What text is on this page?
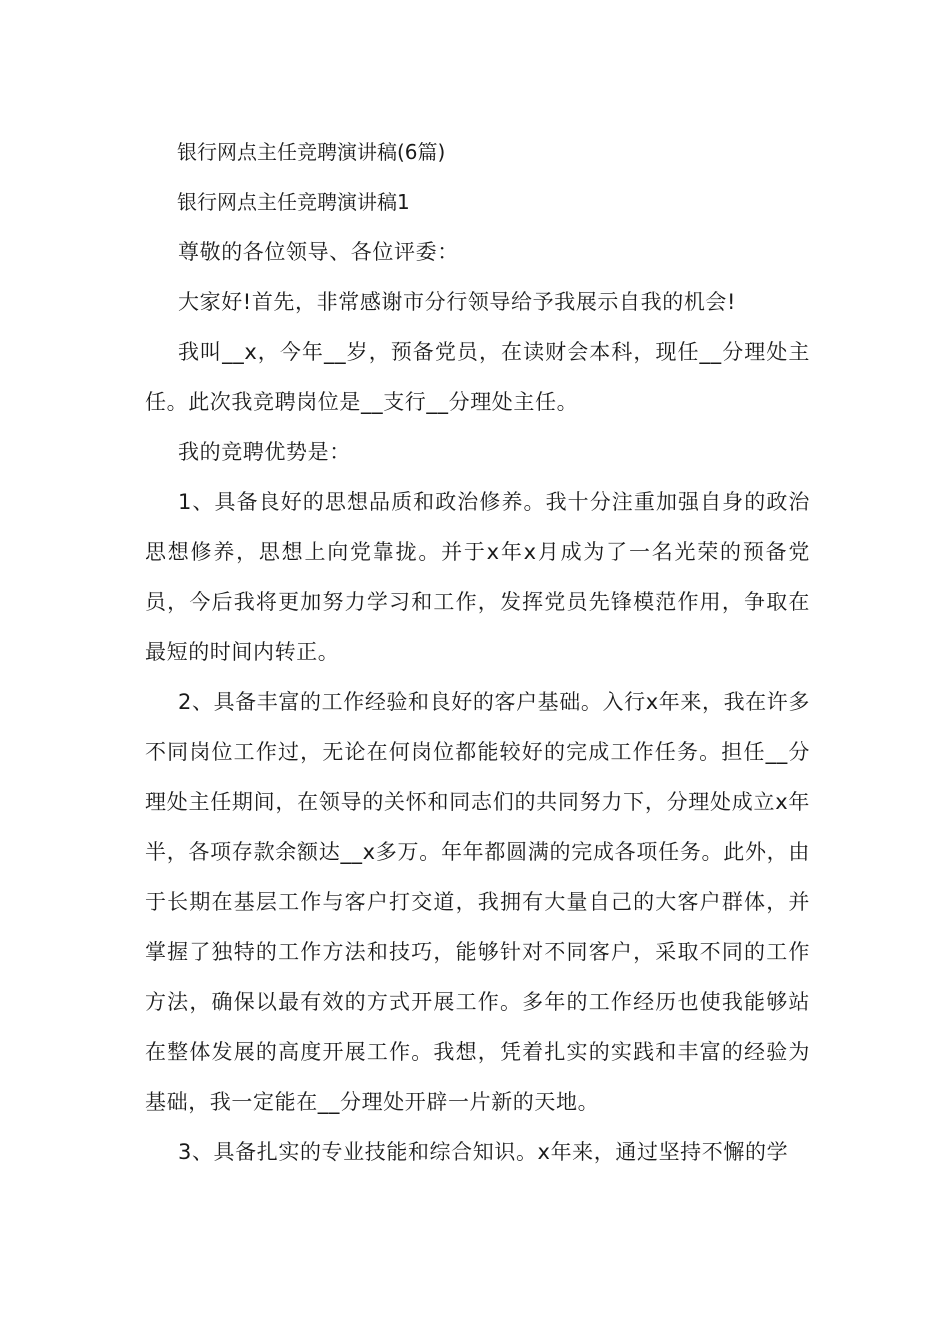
银行网点主任竞聘演讲稿(6篇)

银行网点主任竞聘演讲稿1

尊敬的各位领导、各位评委：

大家好!首先，非常感谢市分行领导给予我展示自我的机会!

我叫__x，今年__岁，预备党员，在读财会本科，现任__分理处主任。此次我竞聘岗位是__支行__分理处主任。

我的竞聘优势是：

1、具备良好的思想品质和政治修养。我十分注重加强自身的政治思想修养，思想上向党靠拢。并于x年x月成为了一名光荣的预备党员，今后我将更加努力学习和工作，发挥党员先锋模范作用，争取在最短的时间内转正。

2、具备丰富的工作经验和良好的客户基础。入行x年来，我在许多不同岗位工作过，无论在何岗位都能较好的完成工作任务。担任__分理处主任期间，在领导的关怀和同志们的共同努力下，分理处成立x年半，各项存款余额达__x多万。年年都圆满的完成各项任务。此外，由于长期在基层工作与客户打交道，我拥有大量自己的大客户群体，并掌握了独特的工作方法和技巧，能够针对不同客户，采取不同的工作方法，确保以最有效的方式开展工作。多年的工作经历也使我能够站在整体发展的高度开展工作。我想，凭着扎实的实践和丰富的经验为基础，我一定能在__分理处开辟一片新的天地。

3、具备扎实的专业技能和综合知识。x年来，通过坚持不懈的学
